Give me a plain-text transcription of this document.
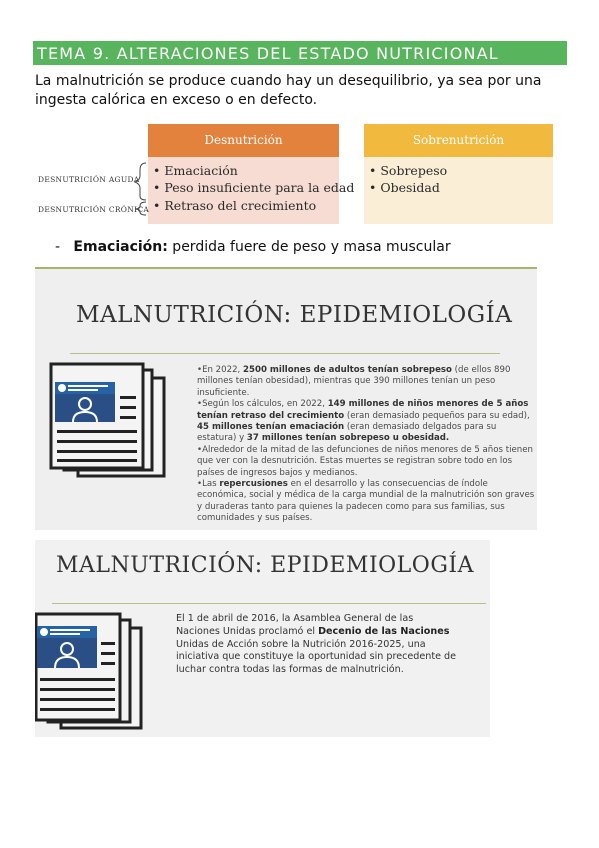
TEMA 9. ALTERACIONES DEL ESTADO NUTRICIONAL
La malnutrición se produce cuando hay un desequilibrio, ya sea por una ingesta calórica en exceso o en defecto.
Desnutrición	Sobrenutrición
• Emaciación
• Peso insuficiente para la edad
• Retraso del crecimiento
• Sobrepeso
• Obesidad
DESNUTRICIÓN AGUDA
DESNUTRICIÓN CRÓNICA
- Emaciación: perdida fuere de peso y masa muscular
MALNUTRICIÓN: EPIDEMIOLOGÍA
•En 2022, 2500 millones de adultos tenían sobrepeso (de ellos 890 millones tenían obesidad), mientras que 390 millones tenían un peso insuficiente.
•Según los cálculos, en 2022, 149 millones de niños menores de 5 años tenían retraso del crecimiento (eran demasiado pequeños para su edad), 45 millones tenían emaciación (eran demasiado delgados para su estatura) y 37 millones tenían sobrepeso u obesidad.
•Alrededor de la mitad de las defunciones de niños menores de 5 años tienen que ver con la desnutrición. Estas muertes se registran sobre todo en los países de ingresos bajos y medianos.
•Las repercusiones en el desarrollo y las consecuencias de índole económica, social y médica de la carga mundial de la malnutrición son graves y duraderas tanto para quienes la padecen como para sus familias, sus comunidades y sus países.
MALNUTRICIÓN: EPIDEMIOLOGÍA
El 1 de abril de 2016, la Asamblea General de las Naciones Unidas proclamó el Decenio de las Naciones Unidas de Acción sobre la Nutrición 2016-2025, una iniciativa que constituye la oportunidad sin precedente de luchar contra todas las formas de malnutrición.
